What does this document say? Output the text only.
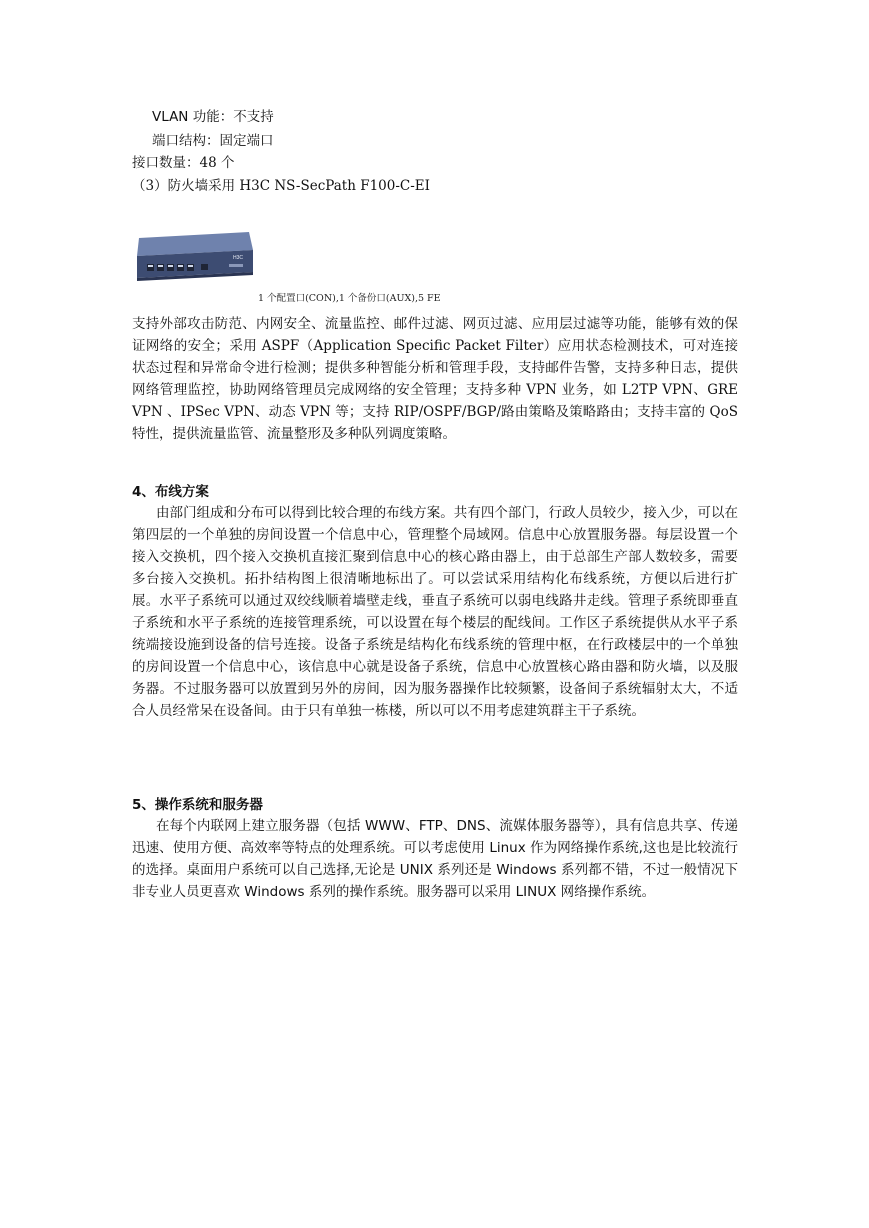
VLAN 功能：不支持
端口结构：固定端口
接口数量：48 个
（3）防火墙采用 H3C NS-SecPath F100-C-EI
H3C
1 个配置口(CON),1 个备份口(AUX),5 FE
支持外部攻击防范、内网安全、流量监控、邮件过滤、网页过滤、应用层过滤等功能，能够有效的保证网络的安全；采用 ASPF（Application Specific Packet Filter）应用状态检测技术，可对连接状态过程和异常命令进行检测；提供多种智能分析和管理手段，支持邮件告警，支持多种日志，提供网络管理监控，协助网络管理员完成网络的安全管理；支持多种 VPN 业务，如 L2TP VPN、GRE VPN 、IPSec VPN、动态 VPN 等；支持 RIP/OSPF/BGP/路由策略及策略路由；支持丰富的 QoS 特性，提供流量监管、流量整形及多种队列调度策略。
4、布线方案
由部门组成和分布可以得到比较合理的布线方案。共有四个部门，行政人员较少，接入少，可以在第四层的一个单独的房间设置一个信息中心，管理整个局域网。信息中心放置服务器。每层设置一个接入交换机，四个接入交换机直接汇聚到信息中心的核心路由器上，由于总部生产部人数较多，需要多台接入交换机。拓扑结构图上很清晰地标出了。可以尝试采用结构化布线系统，方便以后进行扩展。水平子系统可以通过双绞线顺着墙壁走线，垂直子系统可以弱电线路井走线。管理子系统即垂直子系统和水平子系统的连接管理系统，可以设置在每个楼层的配线间。工作区子系统提供从水平子系统端接设施到设备的信号连接。设备子系统是结构化布线系统的管理中枢，在行政楼层中的一个单独的房间设置一个信息中心，该信息中心就是设备子系统，信息中心放置核心路由器和防火墙，以及服务器。不过服务器可以放置到另外的房间，因为服务器操作比较频繁，设备间子系统辐射太大，不适合人员经常呆在设备间。由于只有单独一栋楼，所以可以不用考虑建筑群主干子系统。
5、操作系统和服务器
在每个内联网上建立服务器（包括 WWW、FTP、DNS、流媒体服务器等），具有信息共享、传递迅速、使用方便、高效率等特点的处理系统。可以考虑使用 Linux 作为网络操作系统,这也是比较流行的选择。桌面用户系统可以自己选择,无论是 UNIX 系列还是 Windows 系列都不错，不过一般情况下非专业人员更喜欢 Windows 系列的操作系统。服务器可以采用 LINUX 网络操作系统。
